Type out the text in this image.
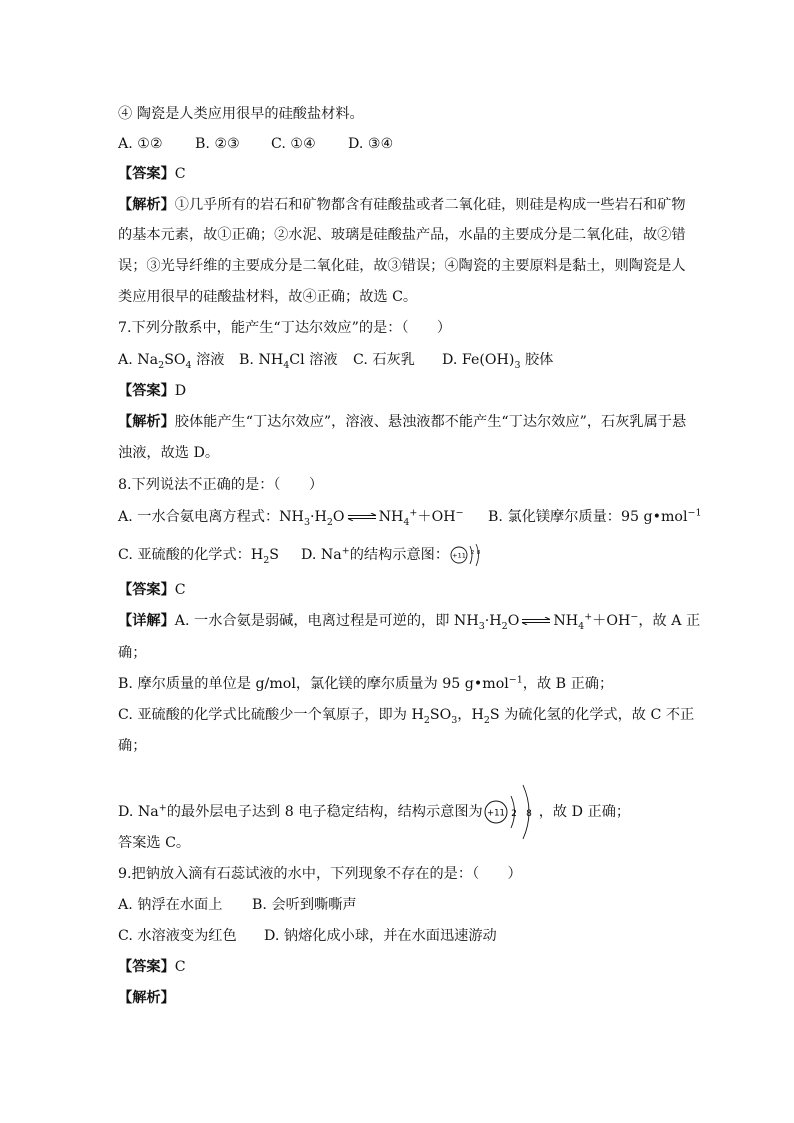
④ 陶瓷是人类应用很早的硅酸盐材料。
A. ①② B. ②③ C. ①④ D. ③④
【答案】C
【解析】①几乎所有的岩石和矿物都含有硅酸盐或者二氧化硅，则硅是构成一些岩石和矿物
的基本元素，故①正确；②水泥、玻璃是硅酸盐产品，水晶的主要成分是二氧化硅，故②错
误；③光导纤维的主要成分是二氧化硅，故③错误；④陶瓷的主要原料是黏土，则陶瓷是人
类应用很早的硅酸盐材料，故④正确；故选 C。
7.下列分散系中，能产生“丁达尔效应”的是：（　　）
A. $Na_2SO_4$ 溶液 B. $NH_4Cl$ 溶液 C. 石灰乳 D. $Fe(OH)_3$ 胶体
【答案】D
【解析】胶体能产生“丁达尔效应”，溶液、悬浊液都不能产生“丁达尔效应”，石灰乳属于悬
浊液，故选 D。
8.下列说法不正确的是：（　　）
A. 一水合氨电离方程式：$NH_3\cdot H_2O$ ⇌ $NH_4^++OH^-$ B. 氯化镁摩尔质量：95 g•mol$^{-1}$
C. 亚硫酸的化学式：$H_2S$ D. Na+的结构示意图： +11 2 8
【答案】C
【详解】A. 一水合氨是弱碱，电离过程是可逆的，即 $NH_3\cdot H_2O$ ⇌ $NH_4^++OH^-$，故 A 正
确；
B. 摩尔质量的单位是 g/mol，氯化镁的摩尔质量为 95 g•mol$^{-1}$，故 B 正确；
C. 亚硫酸的化学式比硫酸少一个氧原子，即为 $H_2SO_3$，$H_2S$ 为硫化氢的化学式，故 C 不正
确；
D. Na+的最外层电子达到 8 电子稳定结构，结构示意图为 +11 2 8 ，故 D 正确；
答案选 C。
9.把钠放入滴有石蕊试液的水中，下列现象不存在的是：（　　）
A. 钠浮在水面上 B. 会听到嘶嘶声
C. 水溶液变为红色 D. 钠熔化成小球，并在水面迅速游动
【答案】C
【解析】
